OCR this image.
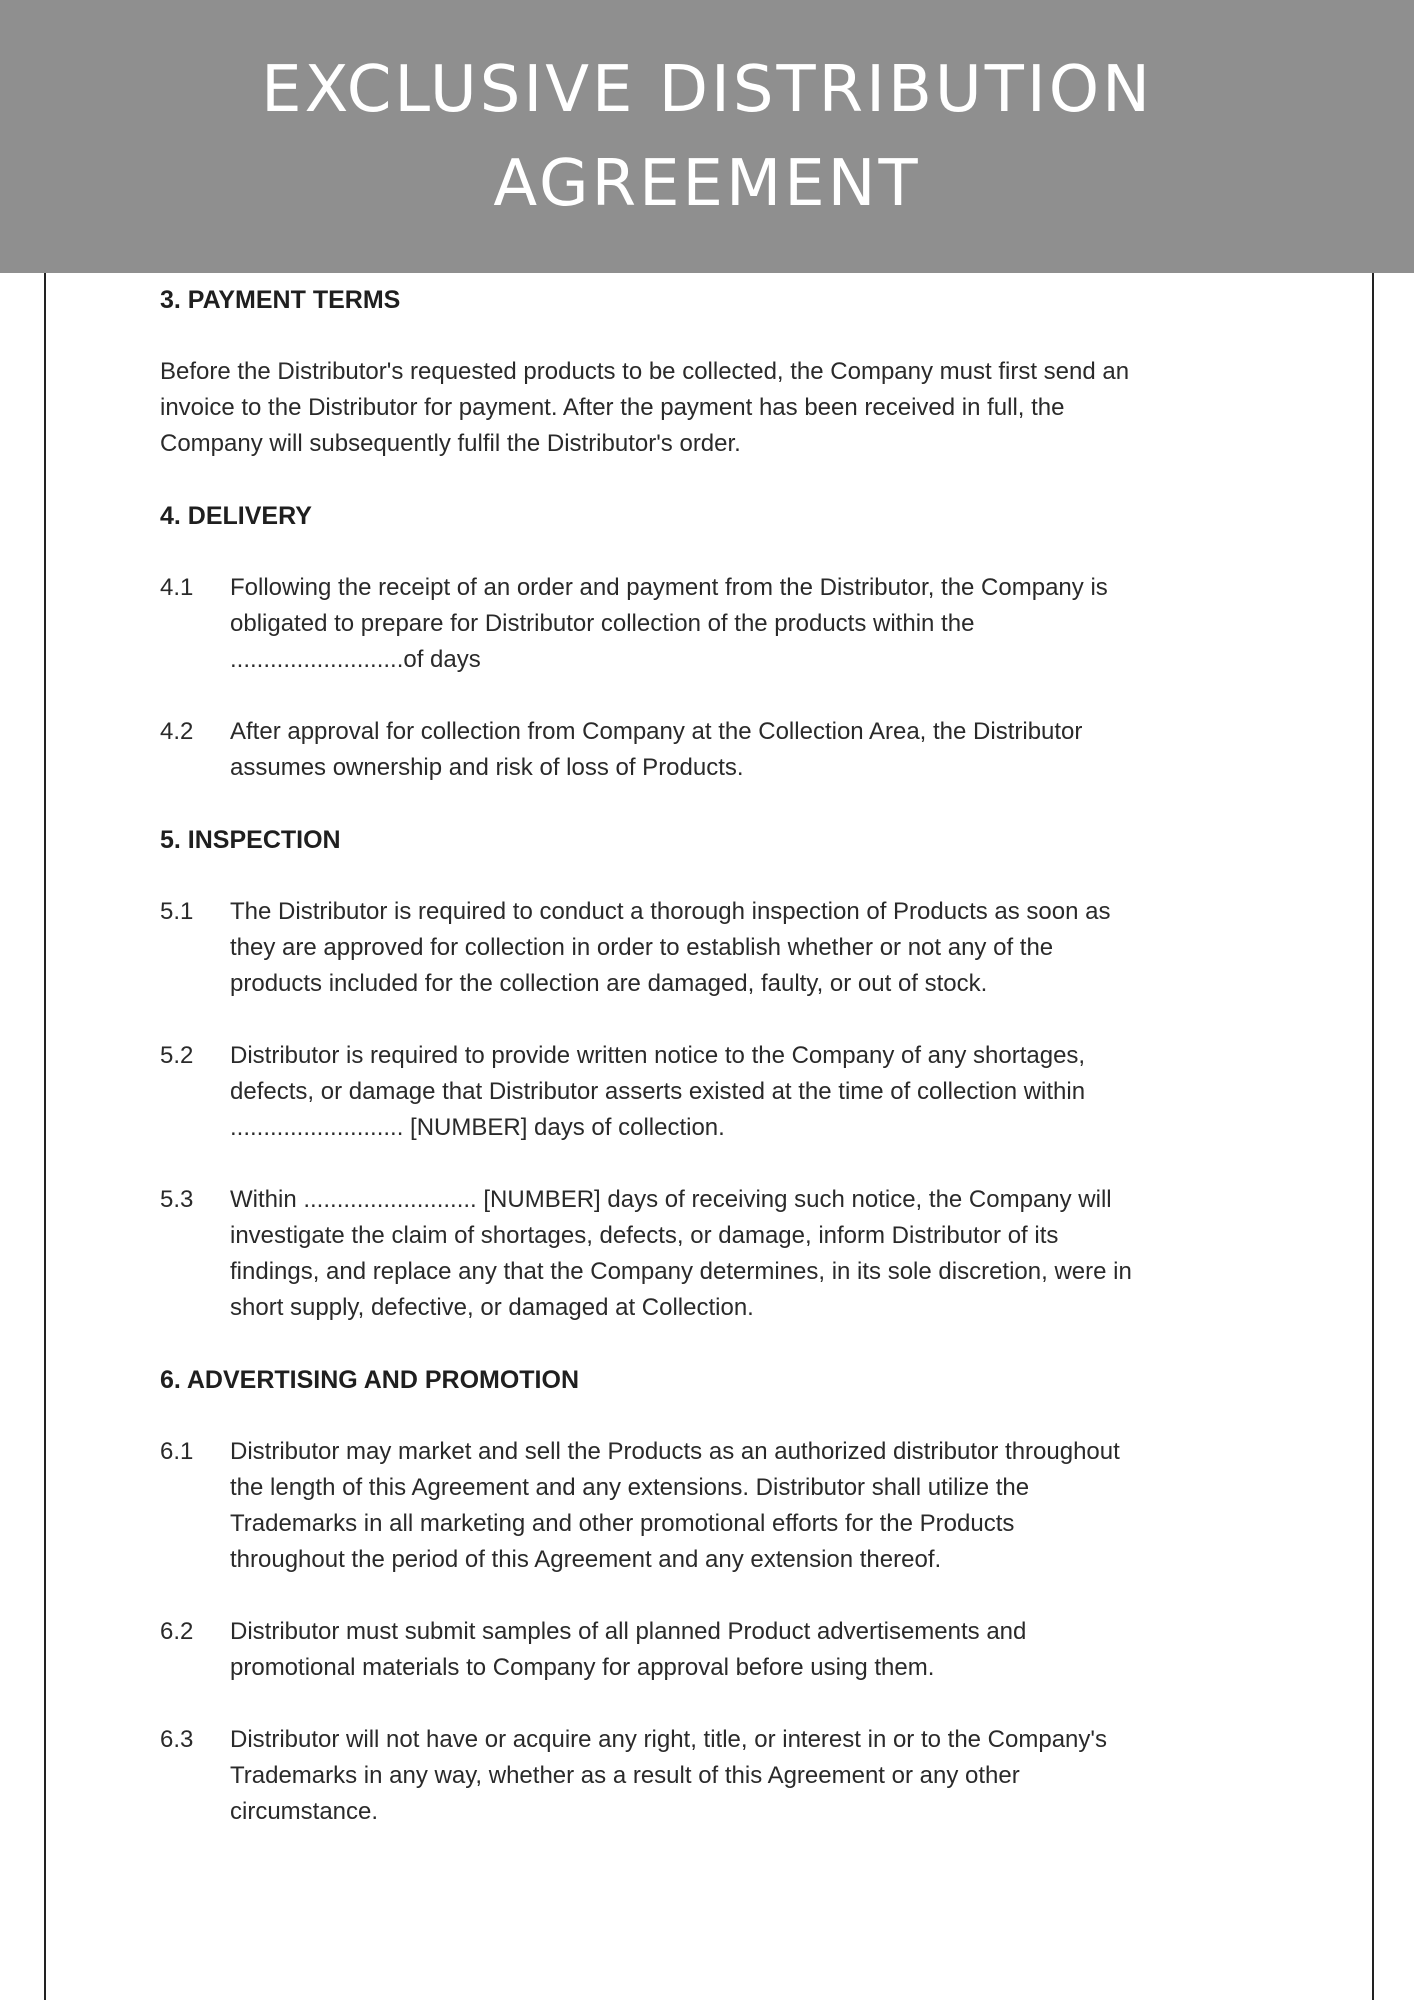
EXCLUSIVE DISTRIBUTION
AGREEMENT
3. PAYMENT TERMS
Before the Distributor's requested products to be collected, the Company must first send an
invoice to the Distributor for payment. After the payment has been received in full, the
Company will subsequently fulfil the Distributor's order.
4. DELIVERY
4.1	Following the receipt of an order and payment from the Distributor, the Company is
obligated to prepare for Distributor collection of the products within the
..........................of days
4.2	After approval for collection from Company at the Collection Area, the Distributor
assumes ownership and risk of loss of Products.
5. INSPECTION
5.1	The Distributor is required to conduct a thorough inspection of Products as soon as
they are approved for collection in order to establish whether or not any of the
products included for the collection are damaged, faulty, or out of stock.
5.2	Distributor is required to provide written notice to the Company of any shortages,
defects, or damage that Distributor asserts existed at the time of collection within
.......................... [NUMBER] days of collection.
5.3	Within .......................... [NUMBER] days of receiving such notice, the Company will
investigate the claim of shortages, defects, or damage, inform Distributor of its
findings, and replace any that the Company determines, in its sole discretion, were in
short supply, defective, or damaged at Collection.
6. ADVERTISING AND PROMOTION
6.1	Distributor may market and sell the Products as an authorized distributor throughout
the length of this Agreement and any extensions. Distributor shall utilize the
Trademarks in all marketing and other promotional efforts for the Products
throughout the period of this Agreement and any extension thereof.
6.2	Distributor must submit samples of all planned Product advertisements and
promotional materials to Company for approval before using them.
6.3	Distributor will not have or acquire any right, title, or interest in or to the Company's
Trademarks in any way, whether as a result of this Agreement or any other
circumstance.
